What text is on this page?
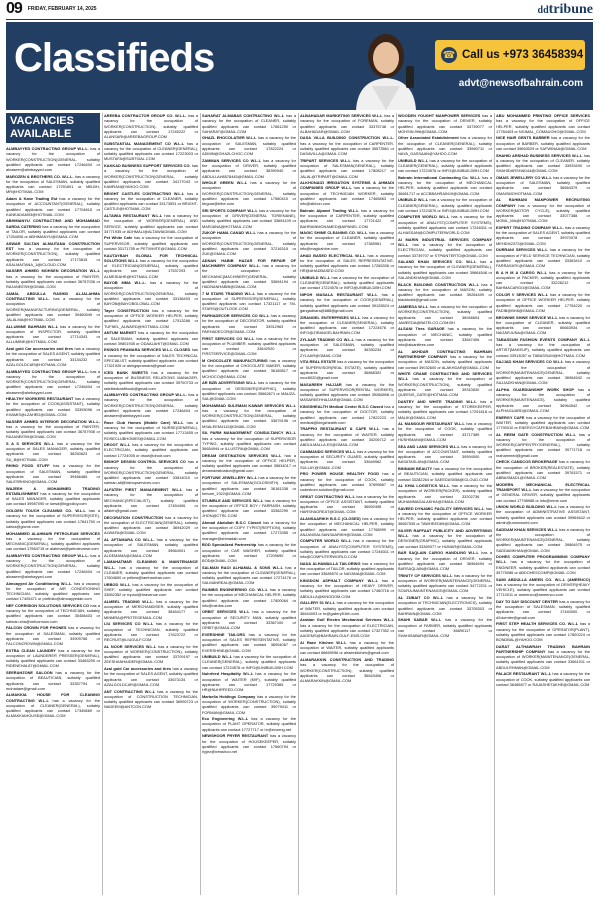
09 FRIDAY, FEBRUARY 14, 2025	ddtribune
Classifieds	☎ Call us +973 36458394
advt@newsofbahrain.com
VACANCIES AVAILABLE
ALMBAYYED CONTRACTING GROUP W.L.L. has a vacancy for the occupation of WORKER(CONSTRUCTION)GENERAL, suitably qualified applicants can contact 17246404 or alnaseer@almbayyed.com
MAROZEN & BROTHERS CO. W.L.L. has a vacancy for the occupation of SALESMAN, suitably qualified applicants can contact 17291691 or MB-BH-MR@HOTMAIL.COM
Adam & Kane Trading Est has a vacancy for the occupation of ACCOUNTANT(GENERAL), suitably qualified applicants can contact 17704815 or KANEADAM93@HOTMAIL.COM
ABHIMANYU CONTRACTING AND MOHAMMAD SARDA CATERING has a vacancy for the occupation of TAILOR, suitably qualified applicants can contact 17254006 or ABHIMANYU@GMAIL.COM
ASWAR SULTAN ALMAITANA CONSTRUCTION EST has a vacancy for the occupation of WORKER(CONSTRUCTION), suitably qualified applicants can contact 17173815 or ASALMAITANA_1@ICLOUD.COM
NASSER AHMED MOHSEN DECORATION W.L.L has a vacancy for the occupation of PAINTER, suitably qualified applicants can contact 36757036 or RAJANEESH@GMAIL.COM
JAMAL ABDULLA RASHID ALJALAHMA CONTRACTING W.L.L. has a vacancy for the occupation of WORKER(MANUFACTURING)GENERAL, suitably qualified applicants can contact 39460549 or JALALMA@HOTMAIL.COM
ALLUMINE BAHRAIN W.L.L has a vacancy for the occupation of INSPECTOR, suitably qualified applicants can contact 17714343 or ALLUMINE@HOTMAIL.COM
Azal gold Car accessories and tires has a vacancy for the occupation of SALES AGENT, suitably qualified applicants can contact 33134232 or AZALGOLDCAR@HOTMAIL.COM
ALMBAYYED CONTRACTING GROUP W.L.L. has a vacancy for the occupation of WORKER(CONSTRUCTION)GENERAL, suitably qualified applicants can contact 17246404 or alnaseer@almbayyed.com
HEALTHY WORKERS RESTAURANT has a vacancy for the occupation of COOK(ASSISTANT), suitably qualified applicants can contact 33393096 or KHAMIS@LZAHED@GMAIL.COM
NASSER AHMED INTERIOR DECORATION W.L.L. has a vacancy for the occupation of PAINTER, suitably qualified applicants can contact 36757936 or RAJANEESH@GMAIL.COM
S A S SERVICES W.L.L has a vacancy for the occupation of SALES MANAGER, suitably qualified applicants can contact 38250623 or SU_B@HOTMAIL.COM
RHINO FOOD STUFF has a vacancy for the occupation of SALESMAN, suitably qualified applicants can contact 39466485 or SALESRHINO@GMAIL.COM
WAJEEH & MOHAMMED TRADING ESTABLISHMENT has a vacancy for the occupation of SALES MANAGER, suitably qualified applicants can contact 39987090 or iuesd@bigpolloy.com
GOLDEN TOUCH CLEANING CO. W.L.L has a vacancy for the occupation of SUPERVISOR(SITE), suitably qualified applicants can contact 17641750 or salma@gtcme.com
MOHAMMED ALAHMARI PETROLEUM SERVICES has a vacancy for the occupation of MECHANIC(GENERAL), suitably qualified applicants can contact 17564715 or alahmari@petroleumse.com
ALMBAYYED CONTRACTING GROUP W.L.L. has a vacancy for the occupation of WORKER(CONSTRUCTION)GENERAL, suitably qualified applicants can contact 17246404 or alnaseer@almbayyed.com
Almoayyed Air Conditioning W.L.L. has a vacancy for the occupation of AIR CONDITIONING TECHNICIAN, suitably qualified applicants can contact 17405471 or portfolio@almoayyedair.com
NEF CORRISION SOLUTIONS SERVICES CO has a vacancy for the occupation of TECHNICIAN, suitably qualified applicants can contact 35458403 or salman.sha@nefcorrsion.com
FALCON CROWN FOR PHONES has a vacancy for the occupation of SALESMAN, suitably qualified applicants can contact 33909766 or FALCONCROWN@GMAIL.COM
EXTRA CLEAN LAUNDRY has a vacancy for the occupation of LAUNDERER PRESSER(GENERAL), suitably qualified applicants can contact 33465290 or RIDENEHAL87@GMAIL.COM
SEERAHZONE SALOON has a vacancy for the occupation of BEAUTICIAN, suitably qualified applicants can contact 33357794 or muhadam@gmail.com
ALMAKKIA HOUSE FOR CLEANING CONTRACTING W.L.L has a vacancy for the occupation of CLEANER(GENERAL), suitably qualified applicants can contact 17345669 or ALMAKKIAHOUSE@GMAIL.COM
AREEBA CONTRACTOR GROUP CO. W.L.L. has a vacancy for the occupation of WORKER(CONSTRUCTION), suitably qualified applicants can contact 17245222 or ALANSARI@AREEBAGROUP.COM
SUBSTANTIAL MANAGEMENT CO W.L.L has a vacancy for the occupation of CLEANER(GENERAL), suitably qualified applicants can contact 17223003 or MUSTAFA@SUBTSIAL.COM
KAKKAD BUSINESS SUPPORT SERVICES CO. has a vacancy for the occupation of WORKER(CONSTRUCTION)GENERAL, suitably qualified applicants can contact 34177043 or KAMRAN@YAHOO.COM
BRIGHT CASTLES CONTRACTING W.L.L has a vacancy for the occupation of CLEANER, suitably qualified applicants can contact 33173551 or BRIGHT-CASTLE@HOTMAIL.COM
ALTAWIA RESTAURANT W.L.L has a vacancy for the occupation of WORKER(GENERAL) AND SERVICE, suitably qualified applicants can contact 34771935 or ADHMALI@ALTAWIAGMAIL.COM
Pet White Cafe has a vacancy for the occupation of SUPERVISOR, suitably qualified applicants can contact 33171755 or PETWHITE@GMAIL.COM
KAUTAYBAH GLOBAL FOR TECHNICAL SOLUTIONS W.L.L has a vacancy for the occupation of ELECTRICIAN(GENERAL), suitably qualified applicants can contact 17537293 or ALMEIDAHE@HOTMAIL.COM
BAYOB MMA W.L.L. has a vacancy for the occupation of WORKER(CONSTRUCTION)GENERAL, suitably qualified applicants can contact 33136403 or BAYOB@BAYOBGLOBAL.COM
Tayer CONSTRUCTION has a vacancy for the occupation of OFFICE WORKER HELPER, suitably qualified applicants can contact 17513266 or TUFNEL_ALWARD@HOTMAIL.COM
ANTUM MARKET has a vacancy for the occupation of SALESMAN, suitably qualified applicants can contact 39801935 or ODAALAHIT@GMAIL.COM
EKINGS PRAMARA SERVICES W.L.L CLOSED has a vacancy for the occupation of SALES TECHNICAL SPECIALIST, suitably qualified applicants can contact 17321926 or akingspramara@gmail.com
ICED BANK SWEETS has a vacancy for the occupation of BUSINESS RELATIONS MANAGER, suitably qualified applicants can contact 39700733 or rateibedcraftbook@gmail.com
ALMBAYYED CONTRACTING GROUP W.L.L. has a vacancy for the occupation of WORKER(CONSTRUCTION)GENERAL, suitably qualified applicants can contact 17246404 or alnaseer@almbayyed.com
Rose Club Homes (Mobile Care) W.L.L has a vacancy for the occupation of NURSE(GENERAL), suitably qualified applicants can contact 17713455 or ROSECLUBHOMES@GMAIL.COM
DROOT W.L.L has a vacancy for the occupation of ELECTRICIAN, suitably qualified applicants can contact 17724005 or droot@droot.com
BISHOP DESIGN CONTROL SERVICES CO has a vacancy for the occupation of WORKER(CONSTRUCTION)GENERAL, suitably qualified applicants can contact 33814010 or salman.ali@bishopservices.com
ALFATEH FIRST MANAGEMENT W.L.L has a vacancy for the occupation of MECHANIC(SPECIALIST), suitably qualified applicants can contact 17454406 or alfateh@gmail.com
DECORATION CONSTRUCTION has a vacancy for the occupation of ELECTRICIAN(GENERAL), suitably qualified applicants can contact 36942029 or ALWAFA@GMAIL.COM
AL AFTAMARA CO W.L.L. has a vacancy for the occupation of SALESMAN, suitably qualified applicants can contact 39664001 or ALDEMAMA@GMAIL.COM
LAMAHATMAR CLEANING & MAINTENANCE W.L.L. has a vacancy for the occupation of CLEANER, suitably qualified applicants can contact 17604600 or pritiew@lamhaclean.com
URBOD W.L.L has a vacancy for the occupation of SHEF, suitably qualified applicants can contact 33652352 or rnpaul@hravenue.com
ALMEEL TRADING W.L.L. has a vacancy for the occupation of MERCHANDISER, suitably qualified applicants can contact 38464177 or MINMRA@PROTEGEMAIL.COM
LIU SERVICES CO W.L.L has a vacancy for the occupation of TECHNICIAN, suitably qualified applicants can contact 17623722 or RECRUIT@LIUGULF.COM
AL NOOR SERVICES W.L.L has a vacancy for the occupation of WORKER(CONSTRUCTION), suitably qualified applicants can contact 33709197 or ZEESHANHAIDER@GMAIL.COM
Azal gold Car accessories and tires has a vacancy for the occupation of SALES AGENT, suitably qualified applicants can contact 33673134 or AZALGOLDCAR@GMAIL.COM
ANT CONTRACTING W.L.L has a vacancy for the occupation of CONSTRUCTION TECHNICIAN, suitably qualified applicants can contact 36906723 or NADEEM@ANTCON.COM
SAHARAT ALMABAS CONTRACTING W.L.L has a vacancy for the occupation of CLEANER, suitably qualified applicants can contact 17661250 or SAHARAT@GMAIL.COM
GHAZL EHOCOLATIER W.L.L has a vacancy for the occupation of SALESMAN, suitably qualified applicants can contact 17822224 or ADMIN@GHAZLCHOC.COM
ZAMMAN SERVICES CO W.L.L has a vacancy for the occupation of DRIVER, suitably qualified applicants can contact 36390940 or ABDULLAH8578445@GMAIL.COM
WHOLE GREEN W.L.L has a vacancy for the occupation of WORKER(CONSTRUCTION)GENERAL, suitably qualified applicants can contact 17560410 or bhgoar@tribe.com
SRI SPORTS COMPANY W.L.L has a vacancy for the occupation of DRIVER(GENERAL TORIENANE), suitably qualified applicants can contact 33694109 or MARJANA@HOTMAIL.COM
ZUKOP HAMA CANAD W.L.L has a vacancy for the occupation of WORKER(CONSTRUCTION)GENERAL, suitably qualified applicants can contact 37216315 or ZUK@GMAIL.COM
ADNAN HABIB HAZAR FOR REPAIR OF MACHINERY COMPANY W.L.L. has a vacancy for the occupation of MECHANIC(MACHINERY)GENERAL, suitably qualified applicants can contact 33694194 or HADNANHABIB@GMAIL.COM
7 M STARS TRADING W.L.L has a vacancy for the occupation of SUPERVISOR(GENERAL), suitably qualified applicants can contact 17321117 or 7M-STARS@OUTLOOK.COM
PARHADECOR SERVICES CO W.L.L has a vacancy for the occupation of DECORATOR, suitably qualified applicants can contact 33912963 or PARHADECOR@GMAIL.COM
FIRST SERVICES CO W.L.L has a vacancy for the occupation of PLUMBER, suitably qualified applicants can contact 33642920 or FIRSTSERVICE@GMAIL.COM
M CHOCOLATE MANUFACTURING has a vacancy for the occupation of CHOCOLATE MAKER, suitably qualified applicants can contact 36169817 or MCHOCO@GMAIL.COM
AR BZB ADVERTISING W.L.L has a vacancy for the occupation of DESIGNER(GRAPHIC), suitably qualified applicants can contact 35662671 or MAUZA-SAL@GMAIL.COM
MOHAMMAD SULEMAN KAWAR SERVICES W.L.L has a vacancy for the occupation of WORKER(CONSTRUCTION)GENERAL, suitably qualified applicants can contact 33679196 or MSALEEM4112@GMAIL.COM
SIL PARM MANAGEMENT CONSULTANCY W.L.L has a vacancy for the occupation of SUPERVISOR TYPING, suitably qualified applicants can contact 36654944 or ILLUSTRA@GMAIL.COM
DREAM DESTINATION SERVICES W.L.L has a vacancy for the occupation of OFFICE HELPER, suitably qualified applicants can contact 35634017 or dreamdestination@gmail.com
FORTUNE JEWELLERY W.L.L has a vacancy for the occupation of SALESMAN(GOLDSMITH), suitably qualified applicants can contact 36181338 or fortune_1922@GMAIL.COM
STUMBLE AND SERVICES W.L.L has a vacancy for the occupation of OFFICE BOY / FARRASH, suitably qualified applicants can contact 33362290 or JHON@CTRL.COM
Ahmad Abdullah B.S.C Closed has a vacancy for the occupation of COPY TYPIST(REPTION), suitably qualified applicants can contact 17273355 or manager@ahmadab.com
BOD Specialized Partnership has a vacancy for the occupation of CAR WASHER, suitably qualified applicants can contact 17209690 or BOD@GMAIL.COM
SALMAN RAOI ALHAMAL & SONS W.L.L has a vacancy for the occupation of CLEANER(GENERAL), suitably qualified applicants can contact 17274176 or SALMANREAL@GMAIL.COM
RAINBIS ENGINEERING CO. W.L.L has a vacancy for the occupation of MECHANICAL HELPER, suitably qualified applicants can contact 17800064 or info@rainbis.com
ORBIT SERVICES W.L.L has a vacancy for the occupation of SECURITY MAN, suitably qualified applicants can contact 33367100 or ORBIT@GMAIL.COM
EVERSHINE TAILORS has a vacancy for the occupation of SALES REPRESENTATIVE, suitably qualified applicants can contact 36904067 or EVERSHINE@GMAIL.COM
UNIBUILD W.L.L has a vacancy for the occupation of CLEANER(GENERAL), suitably qualified applicants can contact 17224576 or INFO@UNIBUILDBH.COM
Nuhrfeed Hospitality W.L.L has a vacancy for the occupation of WAITER (M/F), suitably qualified applicants can contact 17729365 or HR@NUHRFEED.COM
Marbella Holdings Company has a vacancy for the occupation of WORKER(CONSTRUCTION), suitably qualified applicants can contact 39079411 or FORMAN@GMAIL.COM
Eco Engineering W.L.L has a vacancy for the occupation of PLANT OPERATOR, suitably qualified applicants can contact 17727717 or hr@ecoeng.net
NEWSHOOR FRYER RESTAURANT has a vacancy for the occupation of HOUSEKEEPER, suitably qualified applicants can contact 17660794 or hyjez@newshoo.net
ALBAHADAR MARKETING SERVICES W.L.L has a vacancy for the occupation of FOREMAN, suitably qualified applicants can contact 33375748 or ALBAHADAR@GMAIL.COM
DASA VILLA BUILDING CONSTRUCTION W.L.L. has a vacancy for the occupation of CARPENTER, suitably qualified applicants can contact 35573561 or DASAVILLA@GMAIL.COM
TRIPART SERVICES W.L.L has a vacancy for the occupation of SALESMAN(GENERAL), suitably qualified applicants can contact 17808217 or JALAL@TRIPART@GMAIL.COM
ALKHONAIZI IRRIGATION SYSTEMS & AHMADI COMPANIES GROUP W.L.L has a vacancy for the occupation of TECHNICIAN WORKER, suitably qualified applicants can contact 17465863 or info@alkhon.com
Bahrain Alpanel Trading W.L.L has a vacancy for the occupation of CARPENTER, suitably qualified applicants can contact 17721422 or BAHRAINMOHAMED@AIPANEL.COM
MAGIC SHINE CLEANING CO. W.L.L has a vacancy for the occupation of CLEANER, suitably qualified applicants can contact 17365961 or info@magicshine.com
AHAD BASED ELECTRICAL W.L.L has a vacancy for the occupation of SALES REPRESENTATIVE, suitably qualified applicants can contact 17265336 or HR@AHADBASED.COM
UNIBUILD W.L.L has a vacancy for the occupation of CLEANER(GENERAL), suitably qualified applicants can contact 17224576 or INFO@UNIBUILDBH.COM
NIPOH MASALA RESTAURANT W.L.L has a vacancy for the occupation of COOK(GENERAL), suitably qualified applicants can contact 39128524 or gangadhara@888@gmail.com
ZIRANGEL ENTERPRISES W.L.L has a vacancy for the occupation of CLEANER(GENERAL), suitably qualified applicants can contact 17224576 or INFO@ZIRANGELBAHRAIN.COM
ZYLAAR TRADING CO W.L.L has a vacancy for the occupation of SALESMAN, suitably qualified applicants can contact 36330234 or ZYLAAR@GMAIL.COM
VITA REAL ESTATE has a vacancy for the occupation of SUPERVISOR(REAL ESTATE), suitably qualified applicants can contact 36868302 or noor8020@gmail.com
MASAREEH HAJJAR has a vacancy for the occupation of SUPERVISOR(RENTAL WORKER), suitably qualified applicants can contact 39266898 or MASAREEHHAJJAR@GMAIL.COM
KINGSHEALTH Medical Center B.S.C Closed has a vacancy for the occupation of DOCTOR, suitably qualified applicants can contact 17822223 or medical@kingshealth.com
TRAPPIG RESTAURANT & CAFE W.L.L has a vacancy for the occupation of WAITER, suitably qualified applicants can contact 34206712 or ABDULMALLA.ES@GMAIL.COM
CAMMANDO SERVICES W.L.L has a vacancy for the occupation of SECURITY GUARD, suitably qualified applicants can contact 33649962 or SULLAY@GMAIL.COM
PRO POWER HOUSE HEALTHY FOOD has a vacancy for the occupation of COOK, suitably qualified applicants can contact 37699867 or codeskom.solution@gmail.com
GREAT CONTRACTING W.L.L has a vacancy for the occupation of OFFICE ASSISTANT, suitably qualified applicants can contact 36692498 or HARSHAGREAT@GMAIL.COM
ALANSAARIKH B.S.C (CLOSED) has a vacancy for the occupation of MECHANICAL HELPER, suitably qualified applicants can contact 17768999 or ANJANISALSANSAARIKH@GMAIL.COM
COMPUTER WORLD W.L.L has a vacancy for the occupation of ANALYST(COMPUTER SYSTEMS), suitably qualified applicants can contact 17246311 or info@COMPUTERWORLD.COM
NADA ALHAWAILLA TAILORING has a vacancy for the occupation of TAILOR, suitably qualified applicants can contact 33685570 or NAYANA@GMAIL.COM
KINGDOM ASPHALT COMPANY W.L.L has a vacancy for the occupation of HEAVY DRIVER, suitably qualified applicants can contact 17460716 or ABDULLA@KINGDOM.COM
GALLERY 51 W.L.L has a vacancy for the occupation of WAITER, suitably qualified applicants can contact 36644003 or hr@gallery51bh.com
Arabian Gulf Electro Mechanical Services W.L.L has a vacancy for the occupation of ELECTRICIAN, suitably qualified applicants can contact 17327352 or AAGEMS@BAHRAIN-GULF-EMS.COM
Al Raee Kitchen W.L.L has a vacancy for the occupation of WAITER, suitably qualified applicants can contact 66669096 or alraeekitchen@gmail.com
ALMARAKKIN CONSTRUCTION AND TRADING has a vacancy for the occupation of WORKER(CONSTRUCTION), suitably qualified applicants can contact 36643406 or ALMARAKKIN@GMAIL.COM
WOODEN YOUGHT MANPOWER SERVICES has a vacancy for the occupation of DRIVER, suitably qualified applicants can contact 33739077 or MOHSIN.996@GMAIL.COM
Other Associated Establishment has a vacancy for the occupation of CLEANER(GENERAL), suitably qualified applicants can contact 33960711 or NAYA_GASSAAN@YAHOO.COM
UNIBUILD W.L.L has a vacancy for the occupation of CLEANER(GENERAL), suitably qualified applicants can contact 17224576 or INFO@UNIBUILDBH.COM
Bahrain International Contracting Co. W.L.L has a vacancy for the occupation of MECHANICAL HELPER, suitably qualified applicants can contact 36661717 or ACCBBAHRAIN19@GMAIL.COM
UNIBUILD W.L.L has a vacancy for the occupation of CLEANER(GENERAL), suitably qualified applicants can contact 17224576 or INFO@UNIBUILDBH.COM
COMPUTER WORLD W.L.L has a vacancy for the occupation of ANALYST(COMPUTER SYSTEMS), suitably qualified applicants can contact 17246311 or ALHASSAN@COMPUTERWORLD.COM
Al MARIN INDUSTRIAL SERVICES COMPANY W.L.L has a vacancy for the occupation of ELECTRICIAN, suitably qualified applicants can contact 33739707 or STPAINTERTO@GMAIL.COM
SALAND KHAN SERVICES CO. W.L.L has a vacancy for the occupation of CLEANER(GENERAL), suitably qualified applicants can contact 39664548 or SALANDKHAN@GMAIL.COM
BLACK BUILDING CONSTRUCTION W.L.L has a vacancy for the occupation of MASON, suitably qualified applicants can contact 39264409 or blackbuild@gmail.com
JAMEEDA W.L.L has a vacancy for the occupation of WORKER(CONSTRUCTION), suitably qualified applicants can contact 36946604 or JAMEEDA@BATELCO.COM.BH
ALSANI Tires GARAGE has a vacancy for the occupation of MECHANIC, suitably qualified applicants can contact 33647406 or info@alsanitires.com
AL AKHDAR CONTRACTING BAHRAIN PARTNERSHIP COMPANY has a vacancy for the occupation of MASON, suitably qualified applicants can contact 39032600 or ALAKHDAR@GMAIL.COM
WHITE CRANE CONTRACTING AND SERVICES W.L.L has a vacancy for the occupation of WORKER(CONSTRUCTION), suitably qualified applicants can contact 39310630 or QUEENS_GATE@HOTMAIL.COM
DANTEY AND WHITE TRADING W.L.L has a vacancy for the occupation of STOREKEEPER, suitably qualified applicants can contact 17291618 or MALIK@GMAIL.COM
AL MANSOUR RESTAURANT W.L.L has a vacancy for the occupation of COOK, suitably qualified applicants can contact 33717389 or HUSHIMANI@GMAIL.COM
SEA AND LAND SERVICES W.L.L has a vacancy for the occupation of ACCOUNTANT, suitably qualified applicants can contact 39594000 or BASATASLAN@GMAIL.COM
BINNAIM BEAUTY has a vacancy for the occupation of BEAUTICIAN, suitably qualified applicants can contact 33282264 or SAEEDAS058@ICLOUD.COM
AL KHIA LOGISTICS W.L.L has a vacancy for the occupation of WORKER(PACKER), suitably qualified applicants can contact 33202736 or MUHAMMADALAKHIA@GMAIL.COM
SAVEED DYNAMIC FACILITY SERVICES W.L.L has a vacancy for the occupation of OFFICE WORKER HELPER, suitably qualified applicants can contact 36667535 or TAWHEED69@GMAIL.COM
SILVER RAFFAAT PUBLICITY AND ADVERTISING W.L.L has a vacancy for the occupation of DESIGNER(GRAPHIC), suitably qualified applicants can contact 33369377 or HUMAR@GMAIL.COM
BAR SAQLAIN CARGO HANDLING W.L.L has a vacancy for the occupation of DRIVER, suitably qualified applicants can contact 36964694 or BARSAQLAIN@GMAIL.COM
TRINITY CP SERVICES W.L.L has a vacancy for the occupation of WORKER(MAINTENANCE)GENERAL, suitably qualified applicants can contact 34772211 or SOURAJMAINTENANCE@GMAIL.COM
AL ZUBAIT CO W.L.L has a vacancy for the occupation of TECHNICIAN(ELECTRONICS), suitably qualified applicants can contact 33705303 or BAHRAIN@GMAIL.COM
SHAHI SABAR W.L.L has a vacancy for the occupation of FARMER, suitably qualified applicants can contact 36690117 or SHAHISABAR@GMAIL.COM
ABU MOHAMMED PRINTING OFFICE SERVICES has a vacancy for the occupation of OFFICE HELPER, suitably qualified applicants can contact 17784403 or NGIMAL_COMAUOHO@GMAIL.COM
NICE HAIR GENTS BARBER has a vacancy for the occupation of BARBER, suitably qualified applicants can contact 39663029 or SAFWINAA@GMAIL.COM
SHAHID ARSHAD BUSINESS SERVICES W.L.L has a vacancy for the occupation of CLEANER, suitably qualified applicants can contact 33933400 or SHAHIDARSHAD44@GMAIL.COM
OMAIS JEWELLERY CO W.L.L has a vacancy for the occupation of SALESMAN, suitably qualified applicants can contact 36664379 or OMAISMOHOTMAIL.COM
AL RAHMANI MANPOWER RECRUITING COMPANY has a vacancy for the occupation of WORKER(MOTOR CYCLE), suitably qualified applicants can contact 33077388 or MOBIL_MA@HOTMAIL.COM
EXPERT TRADING COMPANY W.L.L. has a vacancy for the occupation of SALES AGENT, suitably qualified applicants can contact 39970078 or MEHDI42372@GMAIL.COM
DURRANI SERVICES W.L.L has a vacancy for the occupation of FIELD SERVICE TECHNICIAN, suitably qualified applicants can contact 33363410 or FARRASATK@GMAIL.COM
B A H M A CARGO W.L.L has a vacancy for the occupation of PACKER, suitably qualified applicants can contact 33226212 or BAHMACARGO@GMAIL.COM
COLOR V SERVICES W.L.L has a vacancy for the occupation of OFFICE WORKER HELPER, suitably qualified applicants can contact 17754220 or FADIB@BH8@GMAIL.COM
BROWNIE SHINE SERVICE W.L.L has a vacancy for the occupation of CLEANER, suitably qualified applicants can contact 66663934 or NAGARJUNA@GMAIL.COM
TABASSUM FASHION EVENTS COMPANY W.L.L has a vacancy for the occupation of ARTIST(MAKEUP), suitably qualified applicants can contact 33913057 or TABASSUM@HOTMAIL.COM
SAJJAD KHAN SERVICES CO W.L.L has a vacancy for the occupation of WORKER(MAINTENANCE)GENERAL, suitably qualified applicants can contact 36964542 or SAJJADKHAN@GMAIL.COM
ALPHA GUARDIANSHIP WORK SHOP has a vacancy for the occupation of WORKER(MAINTENANCE), suitably qualified applicants can contact 36964542 or ALPHAGUARD@GMAIL.COM
ENERGY CAFE has a vacancy for the occupation of WAITER, suitably qualified applicants can contact 17790010 or ENERGYCAFEBAHRAIN@GMAIL.COM
AL REEM GATE CONSTRUCTION W.L.L has a vacancy for the occupation of WORKER(CARPENTRY/GENERAL), suitably qualified applicants can contact 39771718 or mahammed@gmail.com
CHECK CANDCOS BROKERAGE has a vacancy for the occupation of BROKER(REALESTATE), suitably qualified applicants can contact 39761571 or ABBASMAD1@GMAIL.COM
MODERN MECHANICAL ELECTRICAL TRANSPORT W.L.L has a vacancy for the occupation of GENERAL DRIVER, suitably qualified applicants can contact 17798988 or info@mme.com
UNION WORLD BUILDING W.L.L has a vacancy for the occupation of ADMINISTRATIVE ASSISTANT, suitably qualified applicants can contact 39964642 or admin@unionworld.com
SADDAM KHAN SERVICES W.L.L has a vacancy for the occupation of WORKER(MAINTENANCE)GENERAL, suitably qualified applicants can contact 39864975 or SADDAMKHAN@GMAIL.COM
DOHES COMPUTER PROGRAMMING COMPANY W.L.L has a vacancy for the occupation of ENGINEER, suitably qualified applicants can contact 39775086 or ABDOHESCOMP@GMAIL.COM
SAMI ABDULLA AMEEN CO. W.L.L (AMEENCO) has a vacancy for the occupation of DRIVER(HEAVY VEHICLE), suitably qualified applicants can contact 17710011 or ameenco@ameenco.com
DAY TO DAY DISCOUNT CENTER has a vacancy for the occupation of SALESMAN, suitably qualified applicants can contact 17440000 or d2dcenter@gmail.com
FIRST STEP HEALTH SERVICES CO. W.L.L has a vacancy for the occupation of OPERATOR(PLANT), suitably qualified applicants can contact 17800224 or BONDBAL@YAHOO.COM
DARAT ALTHAWRAH TRADING BAHRAIN PARTNERSHIP COMPANY has a vacancy for the occupation of WORKER(MAINTENANCE)GENERAL, suitably qualified applicants can contact 33661011 or ABDULRHMAN@GMAIL.COM
PALACE RESTAURANT W.L.L has a vacancy for the occupation of COOK, suitably qualified applicants can contact 36485877 or RAJASHETAKHE@GMAIL.COM
